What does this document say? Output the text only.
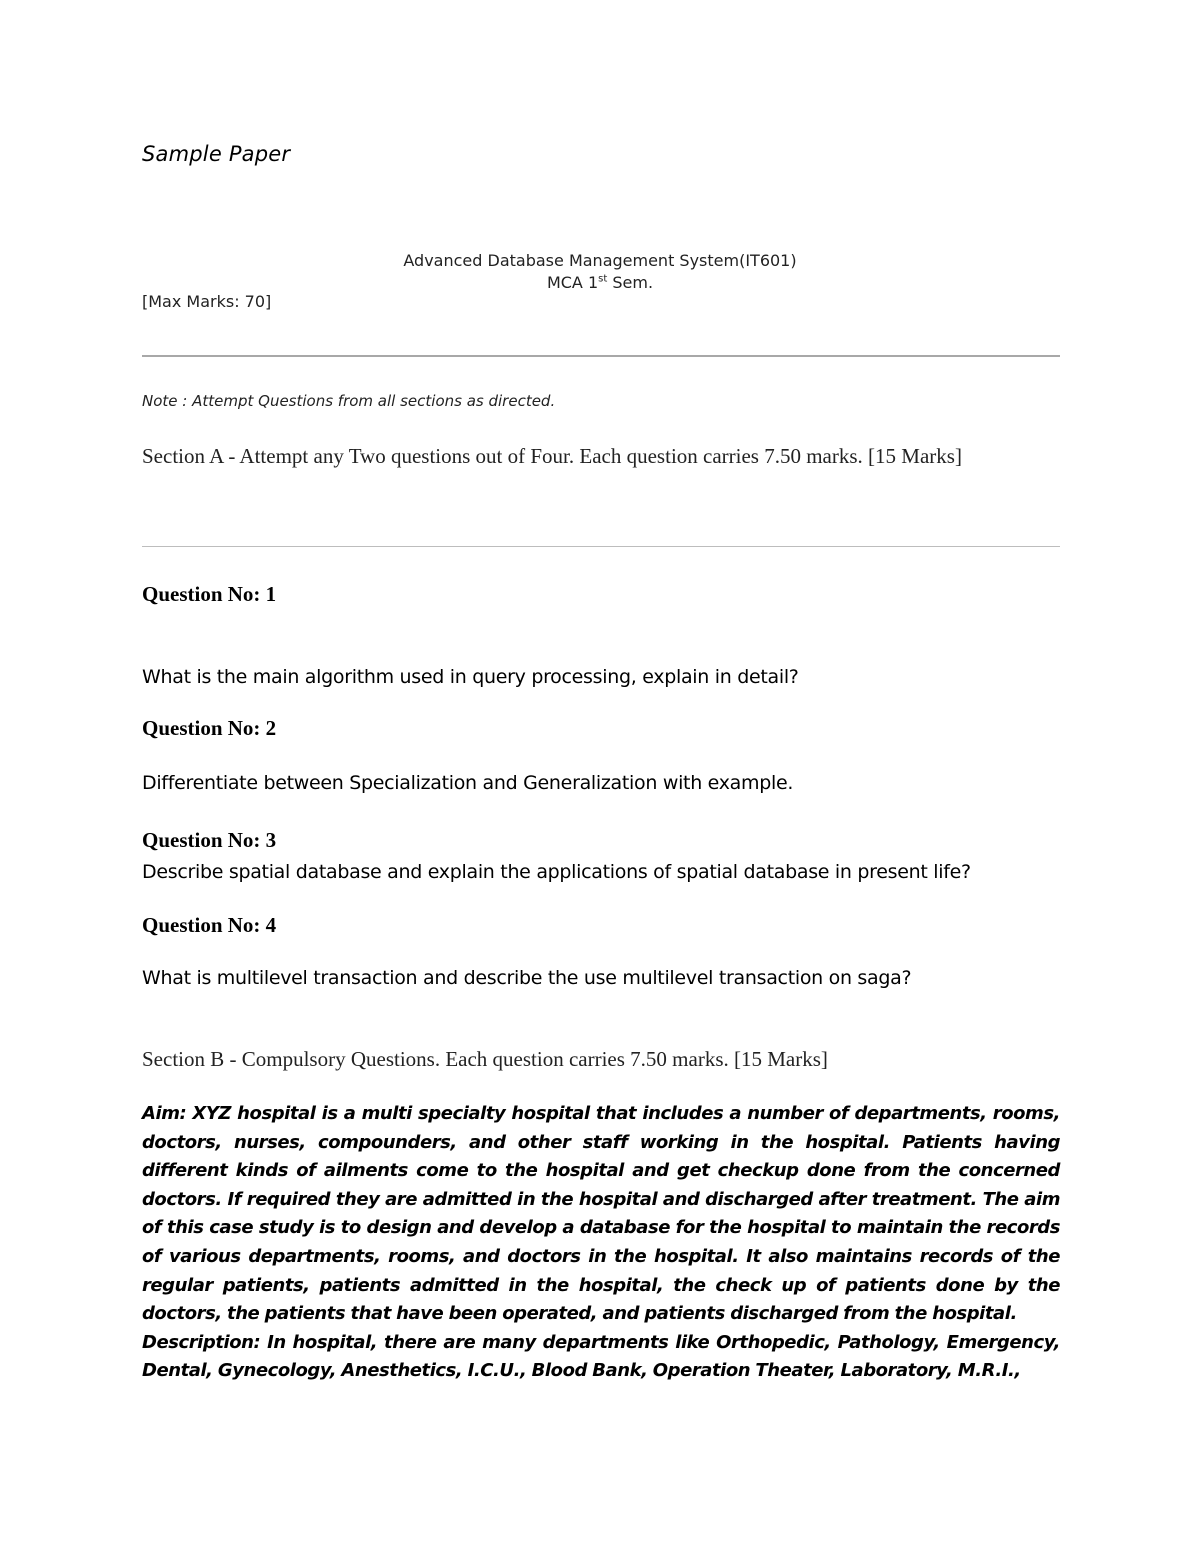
Sample Paper
Advanced Database Management System(IT601)
MCA 1st Sem.
[Max Marks: 70]
Note : Attempt Questions from all sections as directed.
Section A - Attempt any Two questions out of Four. Each question carries 7.50 marks. [15 Marks]
Question No: 1
What is the main algorithm used in query processing, explain in detail?
Question No: 2
Differentiate between Specialization and Generalization with example.
Question No: 3
Describe spatial database and explain the applications of spatial database in present life?
Question No: 4
What is multilevel transaction and describe the use multilevel transaction on saga?
Section B - Compulsory Questions. Each question carries 7.50 marks. [15 Marks]
Aim: XYZ hospital is a multi specialty hospital that includes a number of departments, rooms, doctors, nurses, compounders, and other staff working in the hospital. Patients having different kinds of ailments come to the hospital and get checkup done from the concerned doctors. If required they are admitted in the hospital and discharged after treatment. The aim of this case study is to design and develop a database for the hospital to maintain the records of various departments, rooms, and doctors in the hospital. It also maintains records of the regular patients, patients admitted in the hospital, the check up of patients done by the doctors, the patients that have been operated, and patients discharged from the hospital.
Description: In hospital, there are many departments like Orthopedic, Pathology, Emergency, Dental, Gynecology, Anesthetics, I.C.U., Blood Bank, Operation Theater, Laboratory, M.R.I.,
